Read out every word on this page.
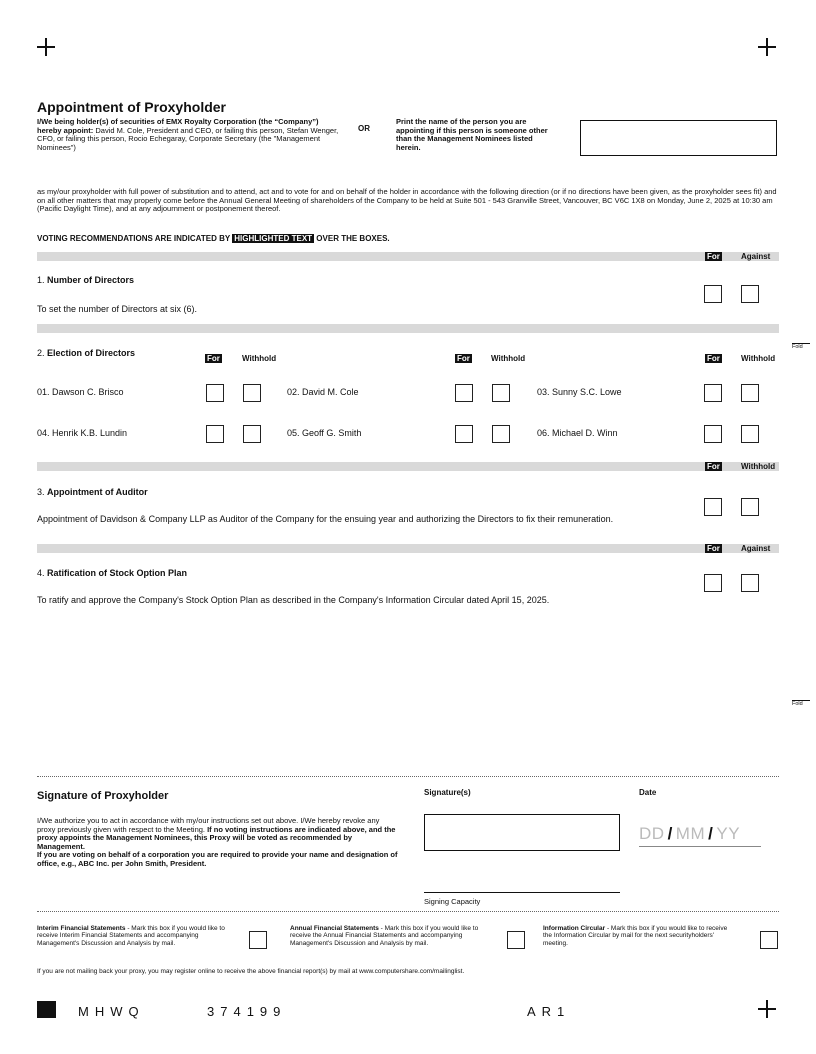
Appointment of Proxyholder
I/We being holder(s) of securities of EMX Royalty Corporation (the “Company”) hereby appoint: David M. Cole, President and CEO, or failing this person, Stefan Wenger, CFO, or failing this person, Rocio Echegaray, Corporate Secretary (the "Management Nominees")
OR
Print the name of the person you are appointing if this person is someone other than the Management Nominees listed herein.
as my/our proxyholder with full power of substitution and to attend, act and to vote for and on behalf of the holder in accordance with the following direction (or if no directions have been given, as the proxyholder sees fit) and on all other matters that may properly come before the Annual General Meeting of shareholders of the Company to be held at Suite 501 - 543 Granville Street, Vancouver, BC V6C 1X8 on Monday, June 2, 2025 at 10:30 am (Pacific Daylight Time), and at any adjournment or postponement thereof.
VOTING RECOMMENDATIONS ARE INDICATED BY HIGHLIGHTED TEXT OVER THE BOXES.
For	Against
1. Number of Directors
To set the number of Directors at six (6).
2. Election of Directors
For	Withhold	For	Withhold	For	Withhold
Fold
01. Dawson C. Brisco	02. David M. Cole	03. Sunny S.C. Lowe
04. Henrik K.B. Lundin	05. Geoff G. Smith	06. Michael D. Winn
For	Withhold
3. Appointment of Auditor
Appointment of Davidson & Company LLP as Auditor of the Company for the ensuing year and authorizing the Directors to fix their remuneration.
For	Against
4. Ratification of Stock Option Plan
To ratify and approve the Company's Stock Option Plan as described in the Company's Information Circular dated April 15, 2025.
Fold
Signature of Proxyholder
I/We authorize you to act in accordance with my/our instructions set out above. I/We hereby revoke any proxy previously given with respect to the Meeting. If no voting instructions are indicated above, and the proxy appoints the Management Nominees, this Proxy will be voted as recommended by Management.
If you are voting on behalf of a corporation you are required to provide your name and designation of office, e.g., ABC Inc. per John Smith, President.
Signature(s)	Date
DD / MM / YY
Signing Capacity
Interim Financial Statements - Mark this box if you would like to receive Interim Financial Statements and accompanying Management's Discussion and Analysis by mail.
Annual Financial Statements - Mark this box if you would like to receive the Annual Financial Statements and accompanying Management's Discussion and Analysis by mail.
Information Circular - Mark this box if you would like to receive the Information Circular by mail for the next securityholders' meeting.
If you are not mailing back your proxy, you may register online to receive the above financial report(s) by mail at www.computershare.com/mailinglist.
MHWQ	374199	AR1
